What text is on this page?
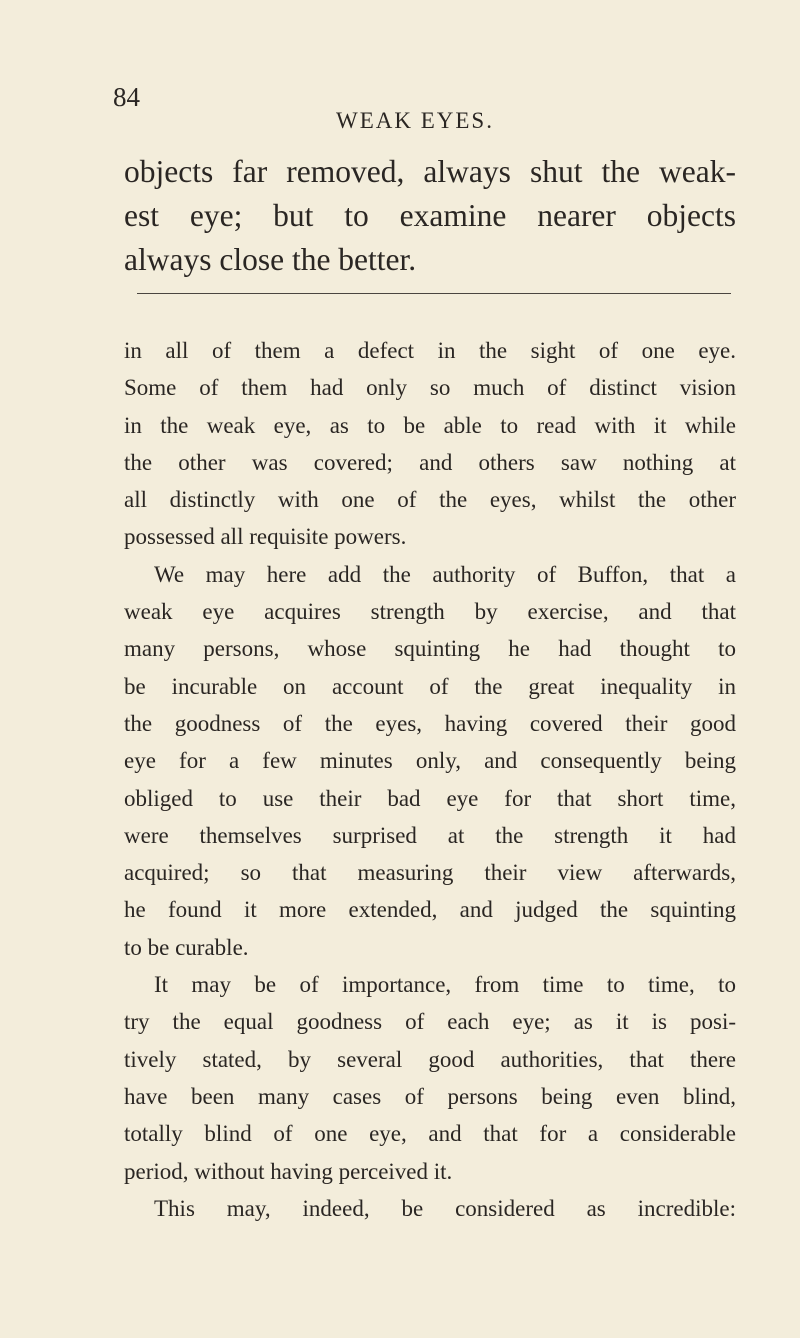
84
WEAK EYES.
objects far removed, always shut the weak-
est eye; but to examine nearer objects
always close the better.
in all of them a defect in the sight of one eye.
Some of them had only so much of distinct vision
in the weak eye, as to be able to read with it while
the other was covered; and others saw nothing at
all distinctly with one of the eyes, whilst the other
possessed all requisite powers.
We may here add the authority of Buffon, that a
weak eye acquires strength by exercise, and that
many persons, whose squinting he had thought to
be incurable on account of the great inequality in
the goodness of the eyes, having covered their good
eye for a few minutes only, and consequently being
obliged to use their bad eye for that short time,
were themselves surprised at the strength it had
acquired; so that measuring their view afterwards,
he found it more extended, and judged the squinting
to be curable.
It may be of importance, from time to time, to
try the equal goodness of each eye; as it is posi-
tively stated, by several good authorities, that there
have been many cases of persons being even blind,
totally blind of one eye, and that for a considerable
period, without having perceived it.
This may, indeed, be considered as incredible:
